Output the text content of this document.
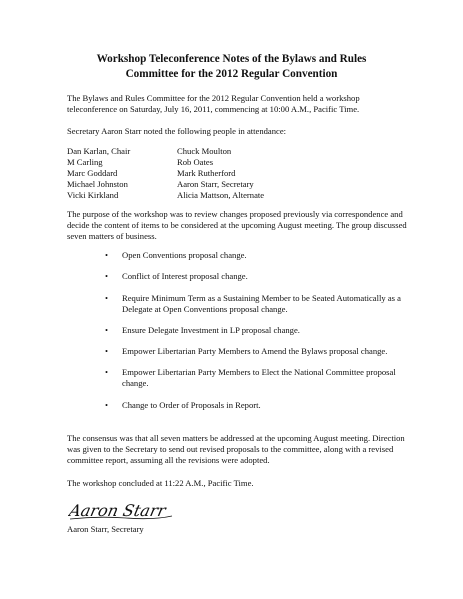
Workshop Teleconference Notes of the Bylaws and Rules
Committee for the 2012 Regular Convention

The Bylaws and Rules Committee for the 2012 Regular Convention held a workshop teleconference on Saturday, July 16, 2011, commencing at 10:00 A.M., Pacific Time.

Secretary Aaron Starr noted the following people in attendance:

Dan Karlan, Chair	Chuck Moulton
M Carling	Rob Oates
Marc Goddard	Mark Rutherford
Michael Johnston	Aaron Starr, Secretary
Vicki Kirkland	Alicia Mattson, Alternate

The purpose of the workshop was to review changes proposed previously via correspondence and decide the content of items to be considered at the upcoming August meeting. The group discussed seven matters of business.

• Open Conventions proposal change.
• Conflict of Interest proposal change.
• Require Minimum Term as a Sustaining Member to be Seated Automatically as a Delegate at Open Conventions proposal change.
• Ensure Delegate Investment in LP proposal change.
• Empower Libertarian Party Members to Amend the Bylaws proposal change.
• Empower Libertarian Party Members to Elect the National Committee proposal change.
• Change to Order of Proposals in Report.

The consensus was that all seven matters be addressed at the upcoming August meeting. Direction was given to the Secretary to send out revised proposals to the committee, along with a revised committee report, assuming all the revisions were adopted.

The workshop concluded at 11:22 A.M., Pacific Time.

Aaron Starr
Aaron Starr, Secretary
